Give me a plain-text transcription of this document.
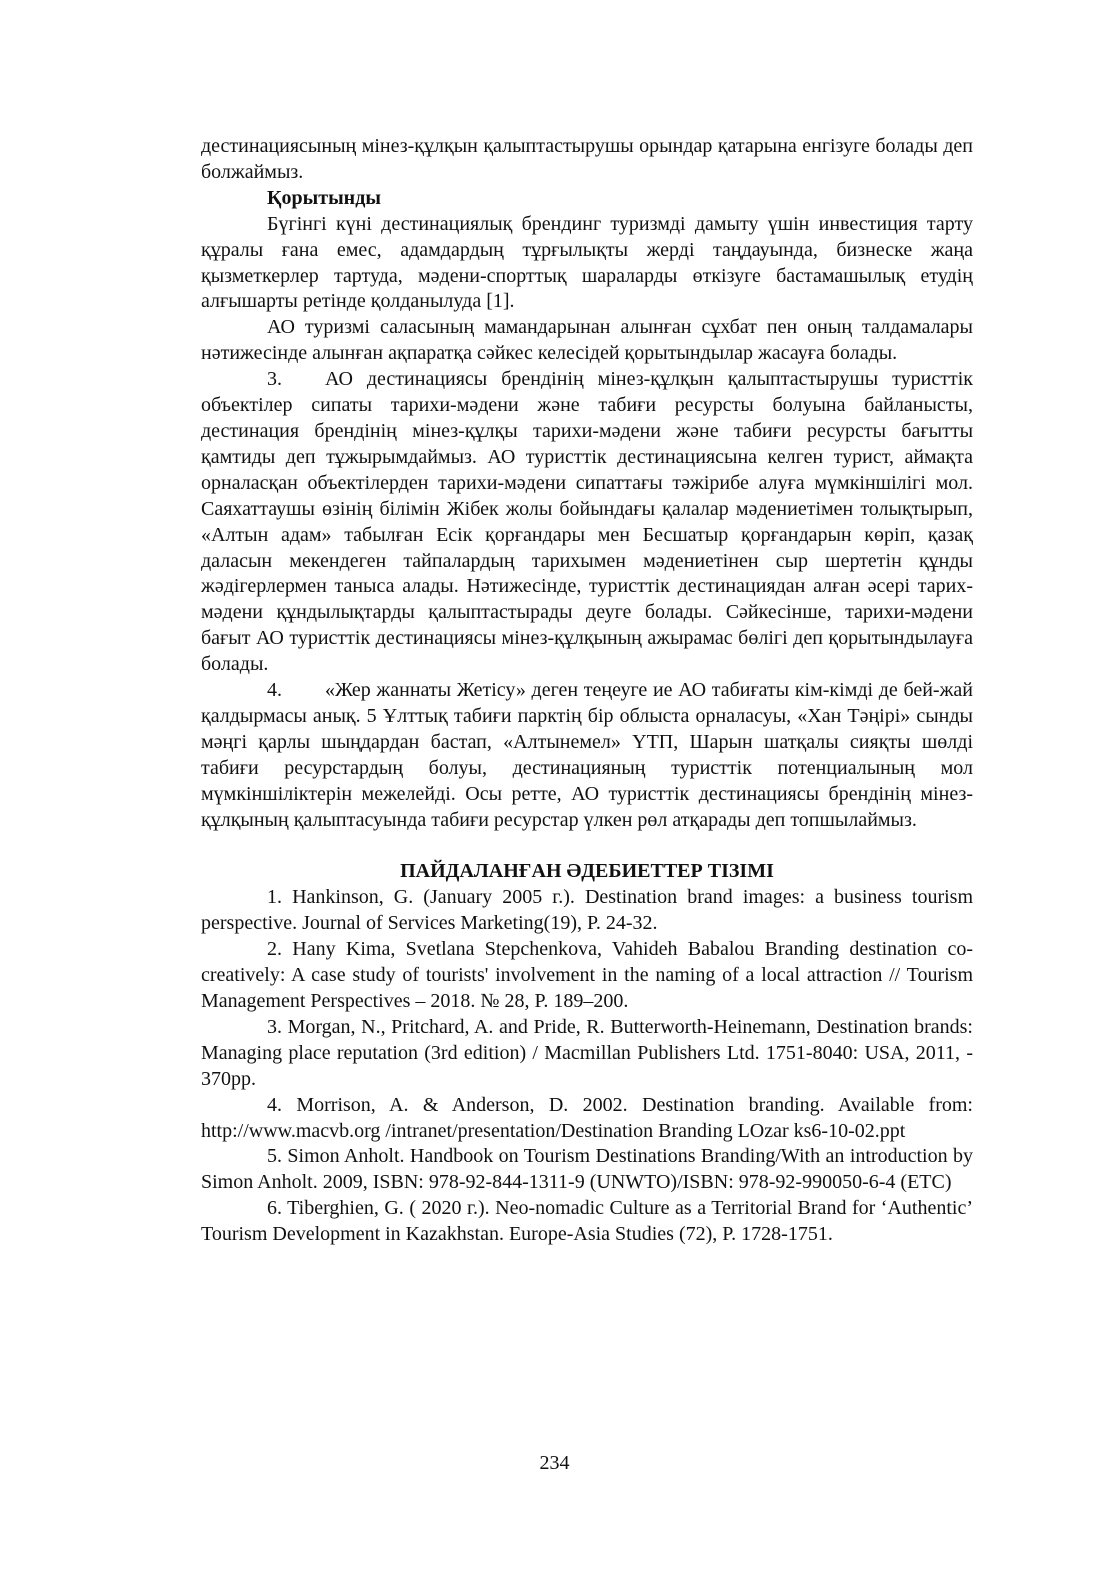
дестинациясының мінез-құлқын қалыптастырушы орындар қатарына енгізуге болады деп болжаймыз.

Қорытынды

Бүгінгі күні дестинациялық брендинг туризмді дамыту үшін инвестиция тарту құралы ғана емес, адамдардың тұрғылықты жерді таңдауында, бизнеске жаңа қызметкерлер тартуда, мәдени-спорттық шараларды өткізуге бастамашылық етудің алғышарты ретінде қолданылуда [1].

АО туризмі саласының мамандарынан алынған сұхбат пен оның талдамалары нәтижесінде алынған ақпаратқа сәйкес келесідей қорытындылар жасауға болады.

3. АО дестинациясы брендінің мінез-құлқын қалыптастырушы туристтік объектілер сипаты тарихи-мәдени және табиғи ресурсты болуына байланысты, дестинация брендінің мінез-құлқы тарихи-мәдени және табиғи ресурсты бағытты қамтиды деп тұжырымдаймыз. АО туристтік дестинациясына келген турист, аймақта орналасқан объектілерден тарихи-мәдени сипаттағы тәжірибе алуға мүмкіншілігі мол. Саяхаттаушы өзінің білімін Жібек жолы бойындағы қалалар мәдениетімен толықтырып, «Алтын адам» табылған Есік қорғандары мен Бесшатыр қорғандарын көріп, қазақ даласын мекендеген тайпалардың тарихымен мәдениетінен сыр шертетін құнды жәдігерлермен таныса алады. Нәтижесінде, туристтік дестинациядан алған әсері тарих-мәдени құндылықтарды қалыптастырады деуге болады. Сәйкесінше, тарихи-мәдени бағыт АО туристтік дестинациясы мінез-құлқының ажырамас бөлігі деп қорытындылауға болады.

4. «Жер жаннаты Жетісу» деген теңеуге ие АО табиғаты кім-кімді де бей-жай қалдырмасы анық. 5 Ұлттық табиғи парктің бір облыста орналасуы, «Хан Тәңірі» сынды мәңгі қарлы шыңдардан бастап, «Алтынемел» ҮТП, Шарын шатқалы сияқты шөлді табиғи ресурстардың болуы, дестинацияның туристтік потенциалының мол мүмкіншіліктерін межелейді. Осы ретте, АО туристтік дестинациясы брендінің мінез-құлқының қалыптасуында табиғи ресурстар үлкен рөл атқарады деп топшылаймыз.

ПАЙДАЛАНҒАН ӘДЕБИЕТТЕР ТІЗІМІ

1. Hankinson, G. (January 2005 г.). Destination brand images: a business tourism perspective. Journal of Services Marketing(19), P. 24-32.

2. Hany Kima, Svetlana Stepchenkova, Vahideh Babalou Branding destination co-creatively: A case study of tourists' involvement in the naming of a local attraction // Tourism Management Perspectives – 2018. № 28, P. 189–200.

3. Morgan, N., Pritchard, A. and Pride, R. Butterworth-Heinemann, Destination brands: Managing place reputation (3rd edition) / Macmillan Publishers Ltd. 1751-8040: USA, 2011, - 370pp.

4. Morrison, A. & Anderson, D. 2002. Destination branding. Available from: http://www.macvb.org /intranet/presentation/Destination Branding LOzar ks6-10-02.ppt

5. Simon Anholt. Handbook on Tourism Destinations Branding/With an introduction by Simon Anholt. 2009, ISBN: 978-92-844-1311-9 (UNWTO)/ISBN: 978-92-990050-6-4 (ETC)

6. Tiberghien, G. ( 2020 г.). Neo-nomadic Culture as a Territorial Brand for ‘Authentic’ Tourism Development in Kazakhstan. Europe-Asia Studies (72), P. 1728-1751.

234
